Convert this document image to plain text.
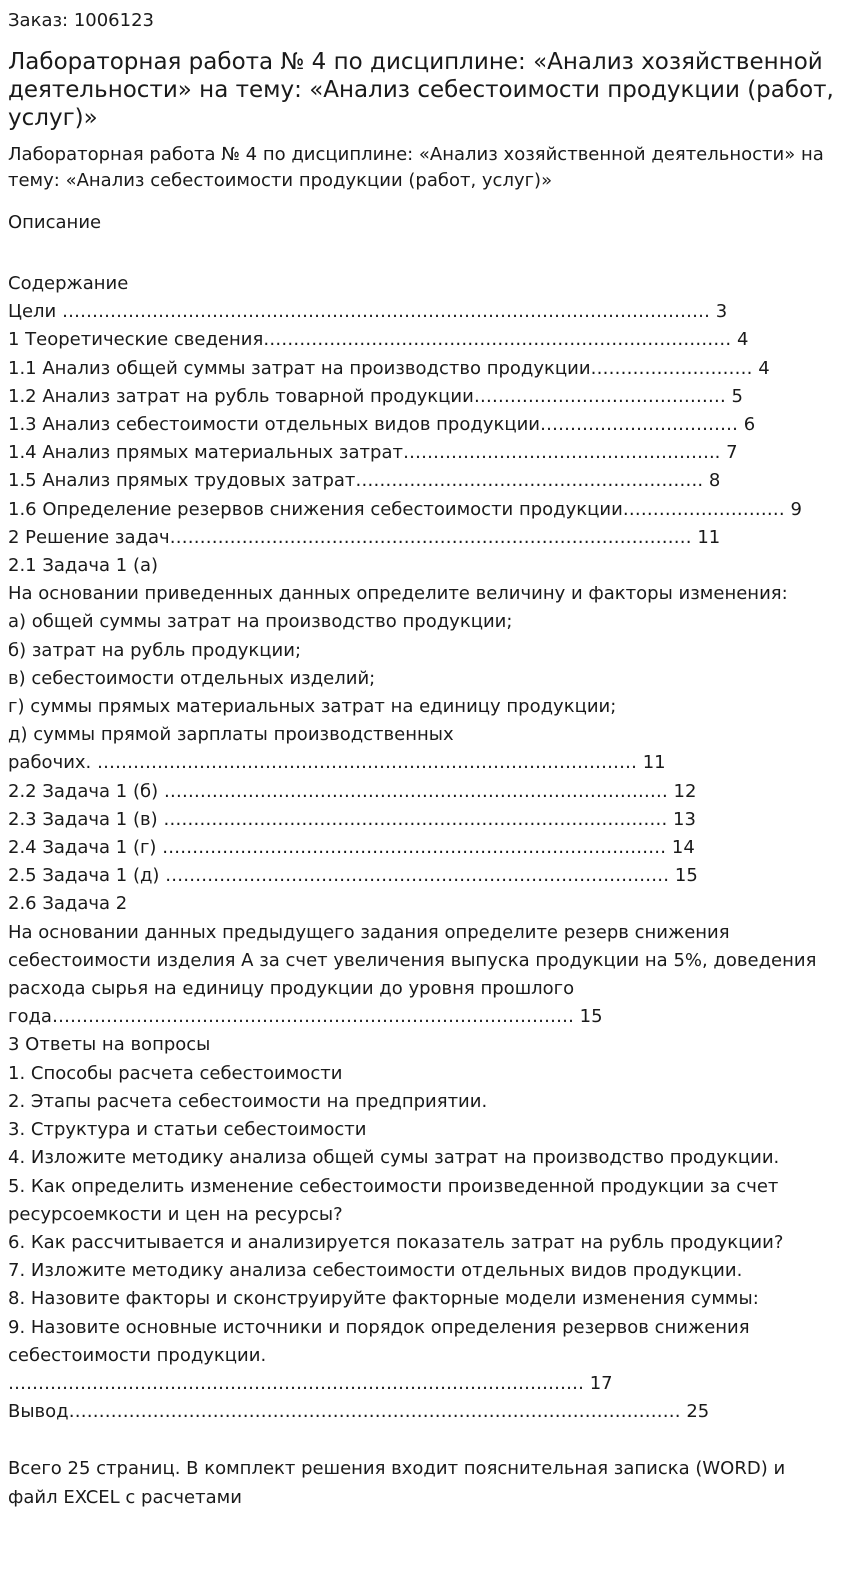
Заказ: 1006123
Лабораторная работа № 4 по дисциплине: «Анализ хозяйственной деятельности» на тему: «Анализ себестоимости продукции (работ, услуг)»
Лабораторная работа № 4 по дисциплине: «Анализ хозяйственной деятельности» на тему: «Анализ себестоимости продукции (работ, услуг)»
Описание
Содержание
Цели ……………………………………………………………………………………………… 3
1 Теоретические сведения…………………………………………………………………… 4
1.1 Анализ общей суммы затрат на производство продукции……………………… 4
1.2 Анализ затрат на рубль товарной продукции…………………………………… 5
1.3 Анализ себестоимости отдельных видов продукции…………………………… 6
1.4 Анализ прямых материальных затрат…………………………………………….. 7
1.5 Анализ прямых трудовых затрат…………………………………………………. 8
1.6 Определение резервов снижения себестоимости продукции……………………… 9
2 Решение задач…………………………………………………………………………… 11
2.1 Задача 1 (а)
На основании приведенных данных определите величину и факторы изменения:
а) общей суммы затрат на производство продукции;
б) затрат на рубль продукции;
в) себестоимости отдельных изделий;
г) суммы прямых материальных затрат на единицу продукции;
д) суммы прямой зарплаты производственных
рабочих. ……………………………………………………………………………… 11
2.2 Задача 1 (б) ………………………………………………………………………… 12
2.3 Задача 1 (в) ………………………………………………………………………… 13
2.4 Задача 1 (г) ………………………………………………………………………… 14
2.5 Задача 1 (д) ………………………………………………………………………… 15
2.6 Задача 2
На основании данных предыдущего задания определите резерв снижения себестоимости изделия А за счет увеличения выпуска продукции на 5%, доведения расхода сырья на единицу продукции до уровня прошлого года…………………………………………………………………………… 15
3 Ответы на вопросы
1. Способы расчета себестоимости
2. Этапы расчета себестоимости на предприятии.
3. Структура и статьи себестоимости
4. Изложите методику анализа общей сумы затрат на производство продукции.
5. Как определить изменение себестоимости произведенной продукции за счет ресурсоемкости и цен на ресурсы?
6. Как рассчитывается и анализируется показатель затрат на рубль продукции?
7. Изложите методику анализа себестоимости отдельных видов продукции.
8. Назовите факторы и сконструируйте факторные модели изменения суммы:
9. Назовите основные источники и порядок определения резервов снижения себестоимости продукции.
…………………………………………………………………………………… 17
Вывод………………………………………………………………………………………… 25
Всего 25 страниц. В комплект решения входит пояснительная записка (WORD) и файл EXCEL с расчетами
